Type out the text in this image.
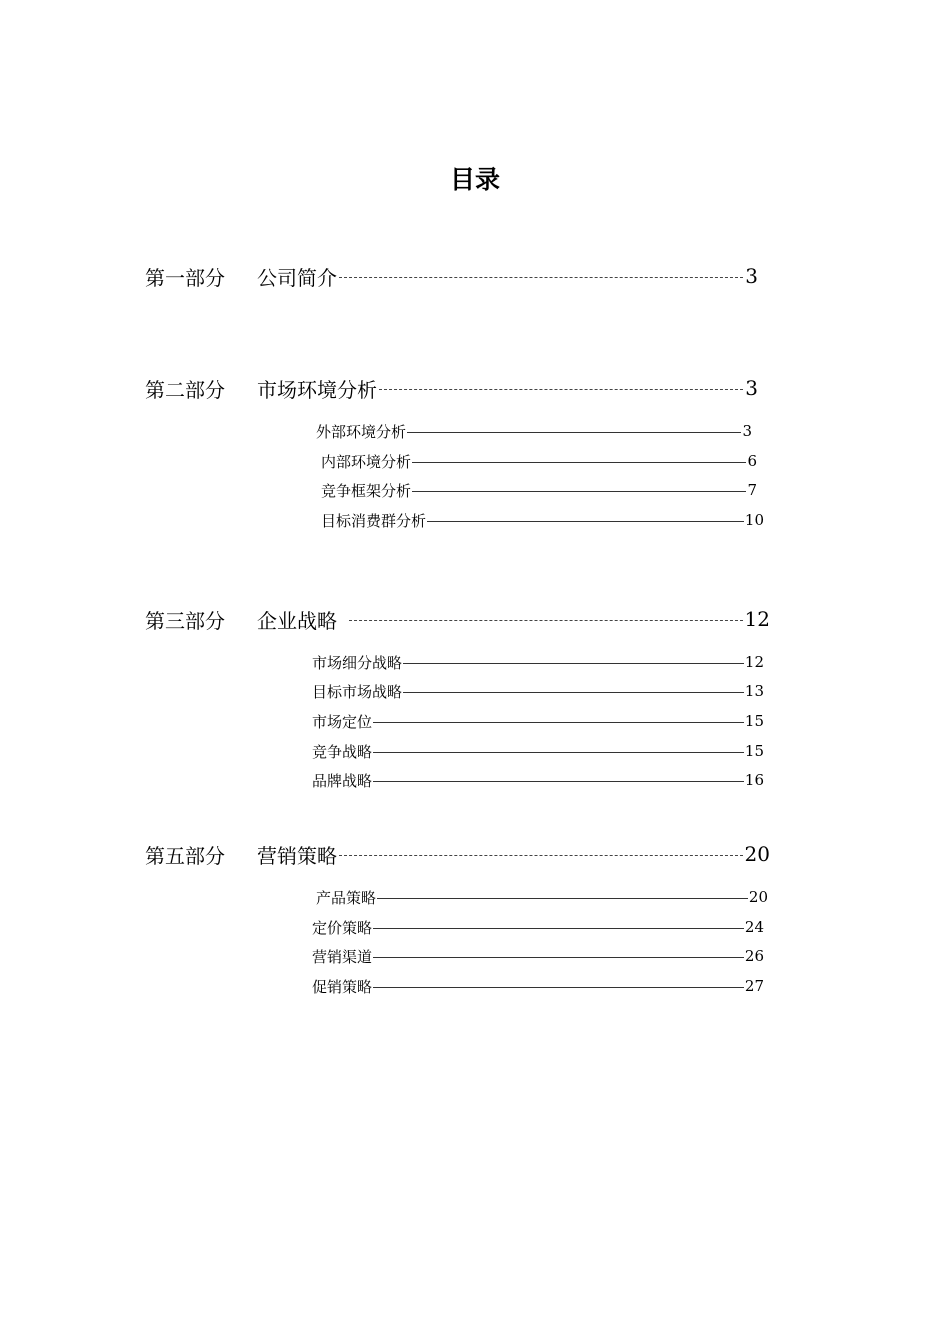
目录
第一部分	公司简介	3
第二部分	市场环境分析	3
外部环境分析	3
内部环境分析	6
竞争框架分析	7
目标消费群分析	10
第三部分	企业战略	12
市场细分战略	12
目标市场战略	13
市场定位	15
竞争战略	15
品牌战略	16
第五部分	营销策略	20
产品策略	20
定价策略	24
营销渠道	26
促销策略	27
